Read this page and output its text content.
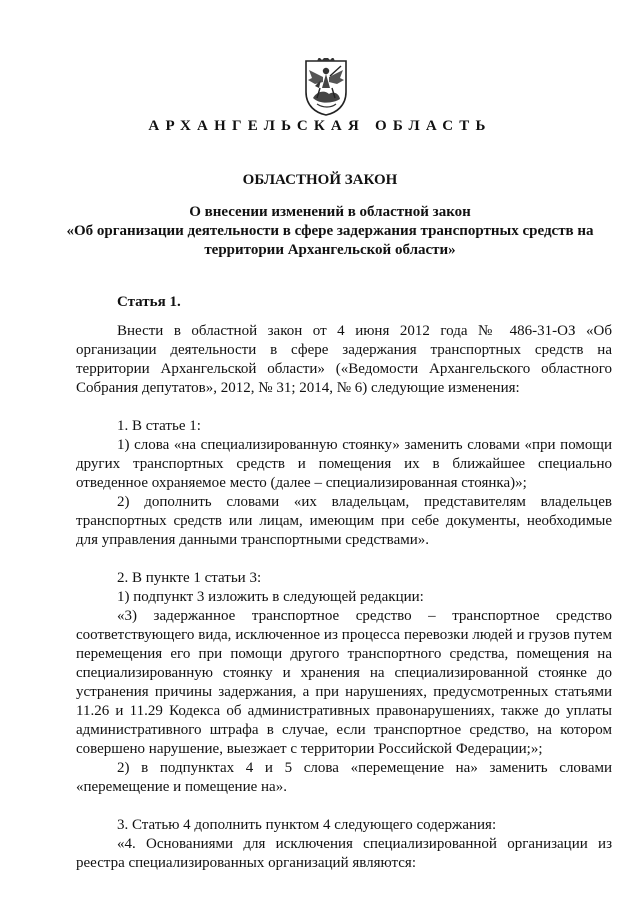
АРХАНГЕЛЬСКАЯ ОБЛАСТЬ
ОБЛАСТНОЙ ЗАКОН
О внесении изменений в областной закон
«Об организации деятельности в сфере задержания транспортных средств на территории Архангельской области»
Статья 1.

Внести в областной закон от 4 июня 2012 года № 486-31-ОЗ «Об организации деятельности в сфере задержания транспортных средств на территории Архангельской области» («Ведомости Архангельского областного Собрания депутатов», 2012, № 31; 2014, № 6) следующие изменения:

1. В статье 1:

1) слова «на специализированную стоянку» заменить словами «при помощи других транспортных средств и помещения их в ближайшее специально отведенное охраняемое место (далее – специализированная стоянка)»;

2) дополнить словами «их владельцам, представителям владельцев транспортных средств или лицам, имеющим при себе документы, необходимые для управления данными транспортными средствами».

2. В пункте 1 статьи 3:

1) подпункт 3 изложить в следующей редакции:

«3) задержанное транспортное средство – транспортное средство соответствующего вида, исключенное из процесса перевозки людей и грузов путем перемещения его при помощи другого транспортного средства, помещения на специализированную стоянку и хранения на специализированной стоянке до устранения причины задержания, а при нарушениях, предусмотренных статьями 11.26 и 11.29 Кодекса об административных правонарушениях, также до уплаты административного штрафа в случае, если транспортное средство, на котором совершено нарушение, выезжает с территории Российской Федерации;»;

2) в подпунктах 4 и 5 слова «перемещение на» заменить словами «перемещение и помещение на».

3. Статью 4 дополнить пунктом 4 следующего содержания:

«4. Основаниями для исключения специализированной организации из реестра специализированных организаций являются:
